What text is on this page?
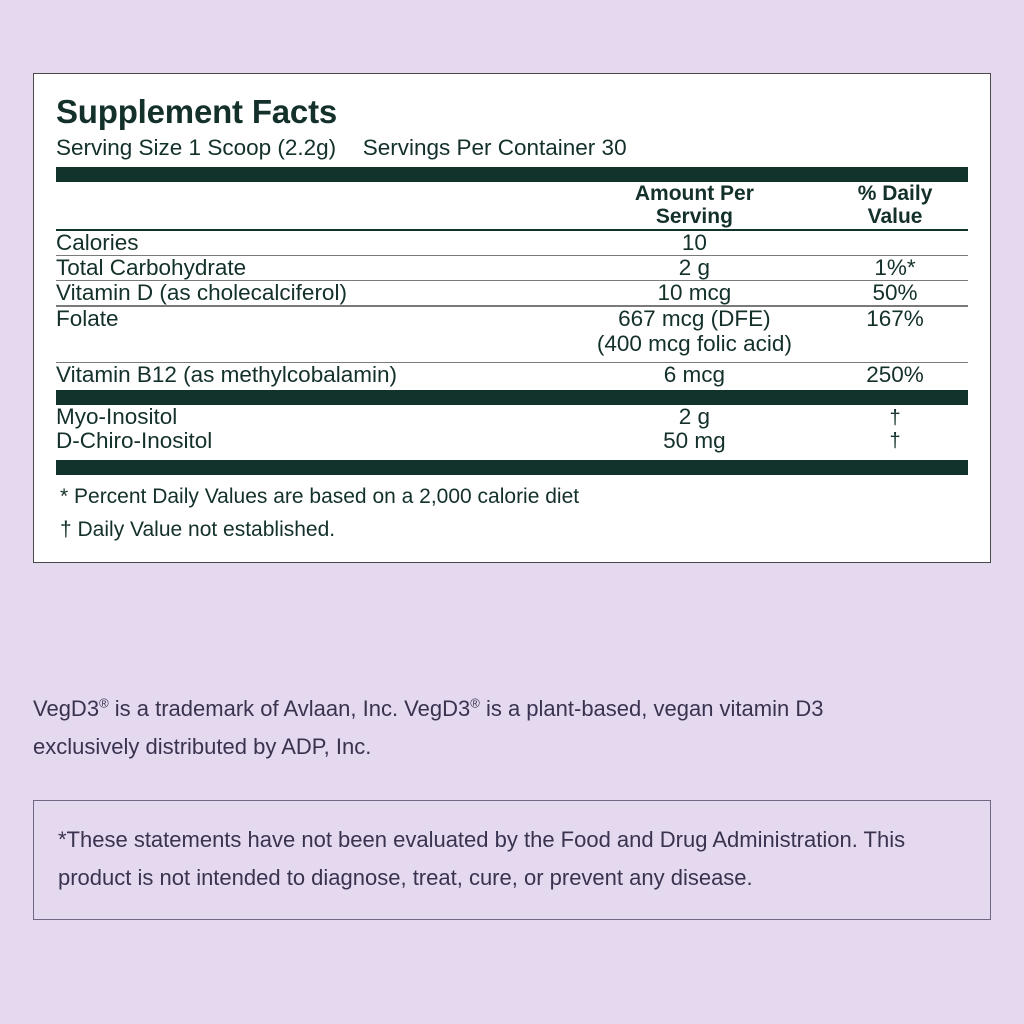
Supplement Facts
Serving Size 1 Scoop (2.2g) Servings Per Container 30

Amount Per
Serving

% Daily
Value

Calories	10	

Total Carbohydrate	2 g	1%*

Vitamin D (as cholecalciferol)	10 mcg	50%

Folate	667 mcg (DFE)	167%
	(400 mcg folic acid)	

Vitamin B12 (as methylcobalamin)	6 mcg	250%
Myo-Inositol	2 g	†
D-Chiro-Inositol	50 mg	†
* Percent Daily Values are based on a 2,000 calorie diet
† Daily Value not established.
VegD3® is a trademark of Avlaan, Inc. VegD3® is a plant-based, vegan vitamin D3 exclusively distributed by ADP, Inc.
*These statements have not been evaluated by the Food and Drug Administration. This product is not intended to diagnose, treat, cure, or prevent any disease.
